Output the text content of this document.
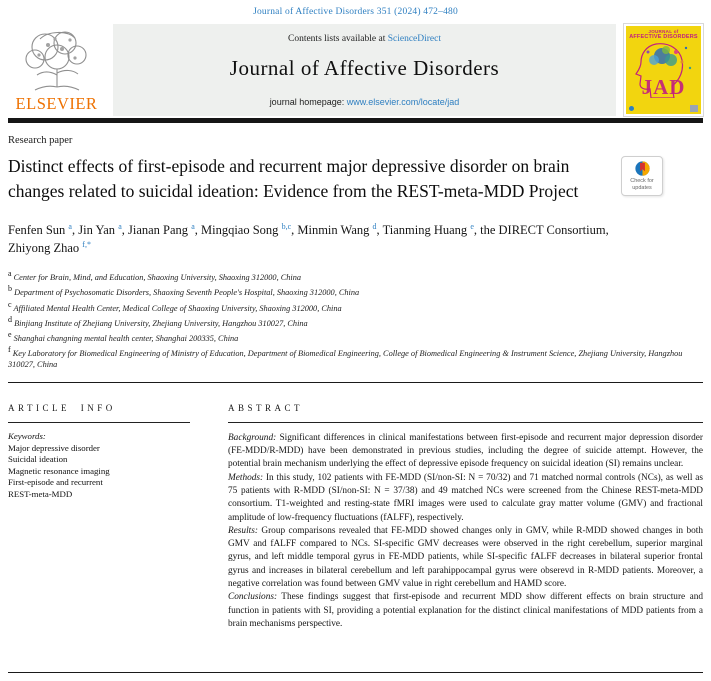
Journal of Affective Disorders 351 (2024) 472–480
ELSEVIER
Contents lists available at ScienceDirect
Journal of Affective Disorders
journal homepage: www.elsevier.com/locate/jad
JOURNAL of
AFFECTIVE DISORDERS
JAD
Research paper
Distinct effects of first-episode and recurrent major depressive disorder on brain changes related to suicidal ideation: Evidence from the REST-meta-MDD Project
Check for updates
Fenfen Sun $^a$, Jin Yan $^a$, Jianan Pang $^a$, Mingqiao Song $^{b,c}$, Minmin Wang $^d$, Tianming Huang $^e$, the DIRECT Consortium, Zhiyong Zhao $^{f,*}$
$^a$ Center for Brain, Mind, and Education, Shaoxing University, Shaoxing 312000, China
$^b$ Department of Psychosomatic Disorders, Shaoxing Seventh People's Hospital, Shaoxing 312000, China
$^c$ Affiliated Mental Health Center, Medical College of Shaoxing University, Shaoxing 312000, China
$^d$ Binjiang Institute of Zhejiang University, Zhejiang University, Hangzhou 310027, China
$^e$ Shanghai changning mental health center, Shanghai 200335, China
$^f$ Key Laboratory for Biomedical Engineering of Ministry of Education, Department of Biomedical Engineering, College of Biomedical Engineering & Instrument Science, Zhejiang University, Hangzhou 310027, China
ARTICLE INFO
Keywords:
Major depressive disorder
Suicidal ideation
Magnetic resonance imaging
First-episode and recurrent
REST-meta-MDD
ABSTRACT

Background: Significant differences in clinical manifestations between first-episode and recurrent major depression disorder (FE-MDD/R-MDD) have been demonstrated in previous studies, including the degree of suicide attempt. However, the potential brain mechanism underlying the effect of depressive episode frequency on suicidal ideation (SI) remains unclear.

Methods: In this study, 102 patients with FE-MDD (SI/non-SI: N = 70/32) and 71 matched normal controls (NCs), as well as 75 patients with R-MDD (SI/non-SI: N = 37/38) and 49 matched NCs were screened from the Chinese REST-meta-MDD consortium. T1-weighted and resting-state fMRI images were used to calculate gray matter volume (GMV) and fractional amplitude of low-frequency fluctuations (fALFF), respectively.

Results: Group comparisons revealed that FE-MDD showed changes only in GMV, while R-MDD showed changes in both GMV and fALFF compared to NCs. SI-specific GMV decreases were observed in the right cerebellum, superior marginal gyrus, and left middle temporal gyrus in FE-MDD patients, while SI-specific fALFF decreases in bilateral superior frontal gyrus and increases in bilateral cerebellum and left parahippocampal gyrus were obserevd in R-MDD patients. Moreover, a negative correlation was found between GMV value in right cerebellum and HAMD score.

Conclusions: These findings suggest that first-episode and recurrent MDD show different effects on brain structure and function in patients with SI, providing a potential explanation for the distinct clinical manifestations of MDD patients from a brain mechanisms perspective.
